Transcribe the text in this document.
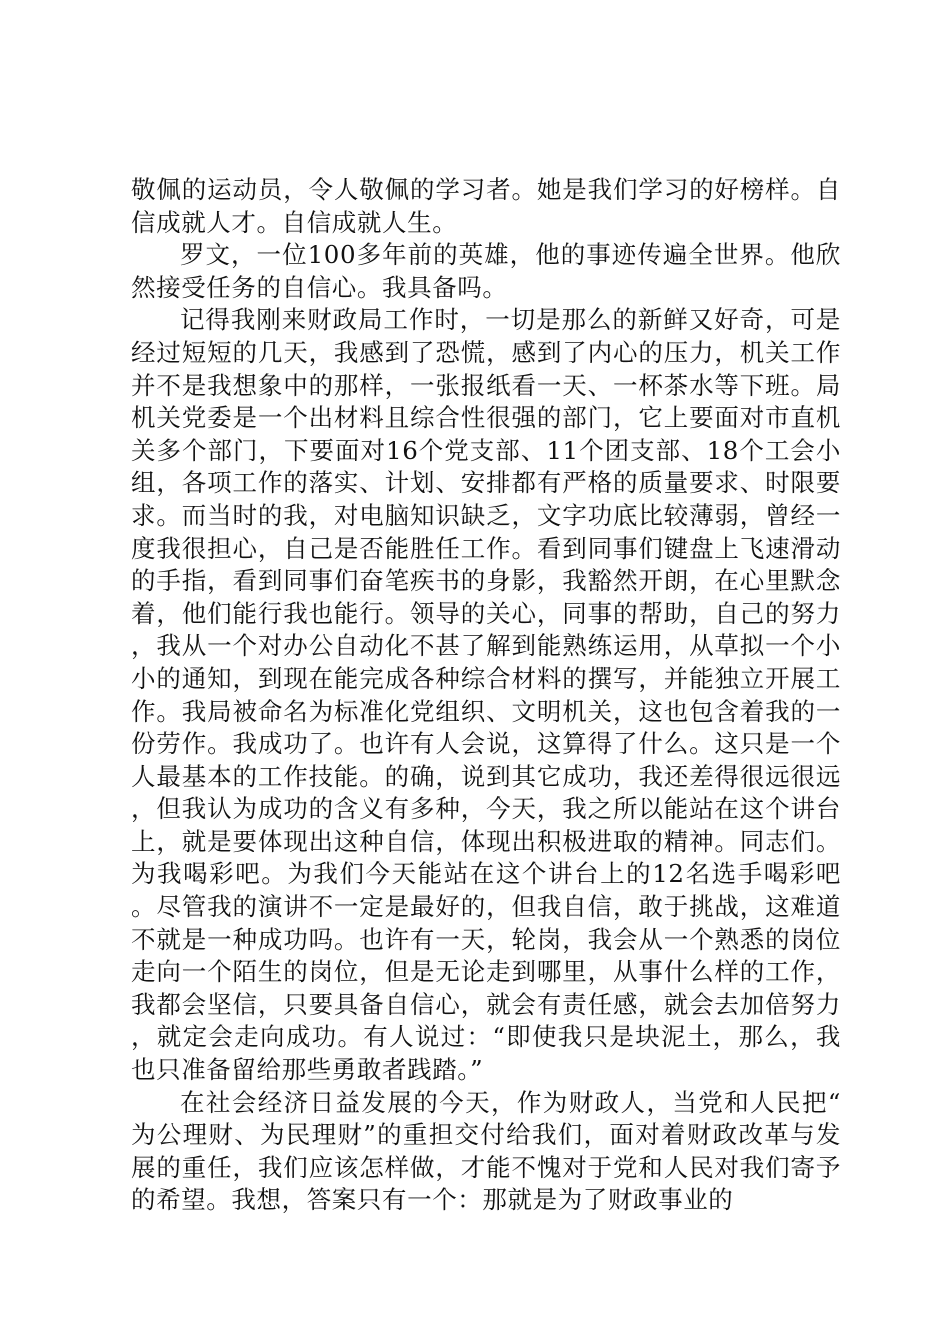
敬佩的运动员，令人敬佩的学习者。她是我们学习的好榜样。自信成就人才。自信成就人生。

罗文，一位100多年前的英雄，他的事迹传遍全世界。他欣然接受任务的自信心。我具备吗。

记得我刚来财政局工作时，一切是那么的新鲜又好奇，可是经过短短的几天，我感到了恐慌，感到了内心的压力，机关工作并不是我想象中的那样，一张报纸看一天、一杯茶水等下班。局机关党委是一个出材料且综合性很强的部门，它上要面对市直机关多个部门，下要面对16个党支部、11个团支部、18个工会小组，各项工作的落实、计划、安排都有严格的质量要求、时限要求。而当时的我，对电脑知识缺乏，文字功底比较薄弱，曾经一度我很担心，自己是否能胜任工作。看到同事们键盘上飞速滑动的手指，看到同事们奋笔疾书的身影，我豁然开朗，在心里默念着，他们能行我也能行。领导的关心，同事的帮助，自己的努力，我从一个对办公自动化不甚了解到能熟练运用，从草拟一个小小的通知，到现在能完成各种综合材料的撰写，并能独立开展工作。我局被命名为标准化党组织、文明机关，这也包含着我的一份劳作。我成功了。也许有人会说，这算得了什么。这只是一个人最基本的工作技能。的确，说到其它成功，我还差得很远很远，但我认为成功的含义有多种，今天，我之所以能站在这个讲台上，就是要体现出这种自信，体现出积极进取的精神。同志们。为我喝彩吧。为我们今天能站在这个讲台上的12名选手喝彩吧。尽管我的演讲不一定是最好的，但我自信，敢于挑战，这难道不就是一种成功吗。也许有一天，轮岗，我会从一个熟悉的岗位走向一个陌生的岗位，但是无论走到哪里，从事什么样的工作，我都会坚信，只要具备自信心，就会有责任感，就会去加倍努力，就定会走向成功。有人说过：“即使我只是块泥土，那么，我也只准备留给那些勇敢者践踏。”

在社会经济日益发展的今天，作为财政人，当党和人民把“为公理财、为民理财”的重担交付给我们，面对着财政改革与发展的重任，我们应该怎样做，才能不愧对于党和人民对我们寄予的希望。我想，答案只有一个：那就是为了财政事业的
